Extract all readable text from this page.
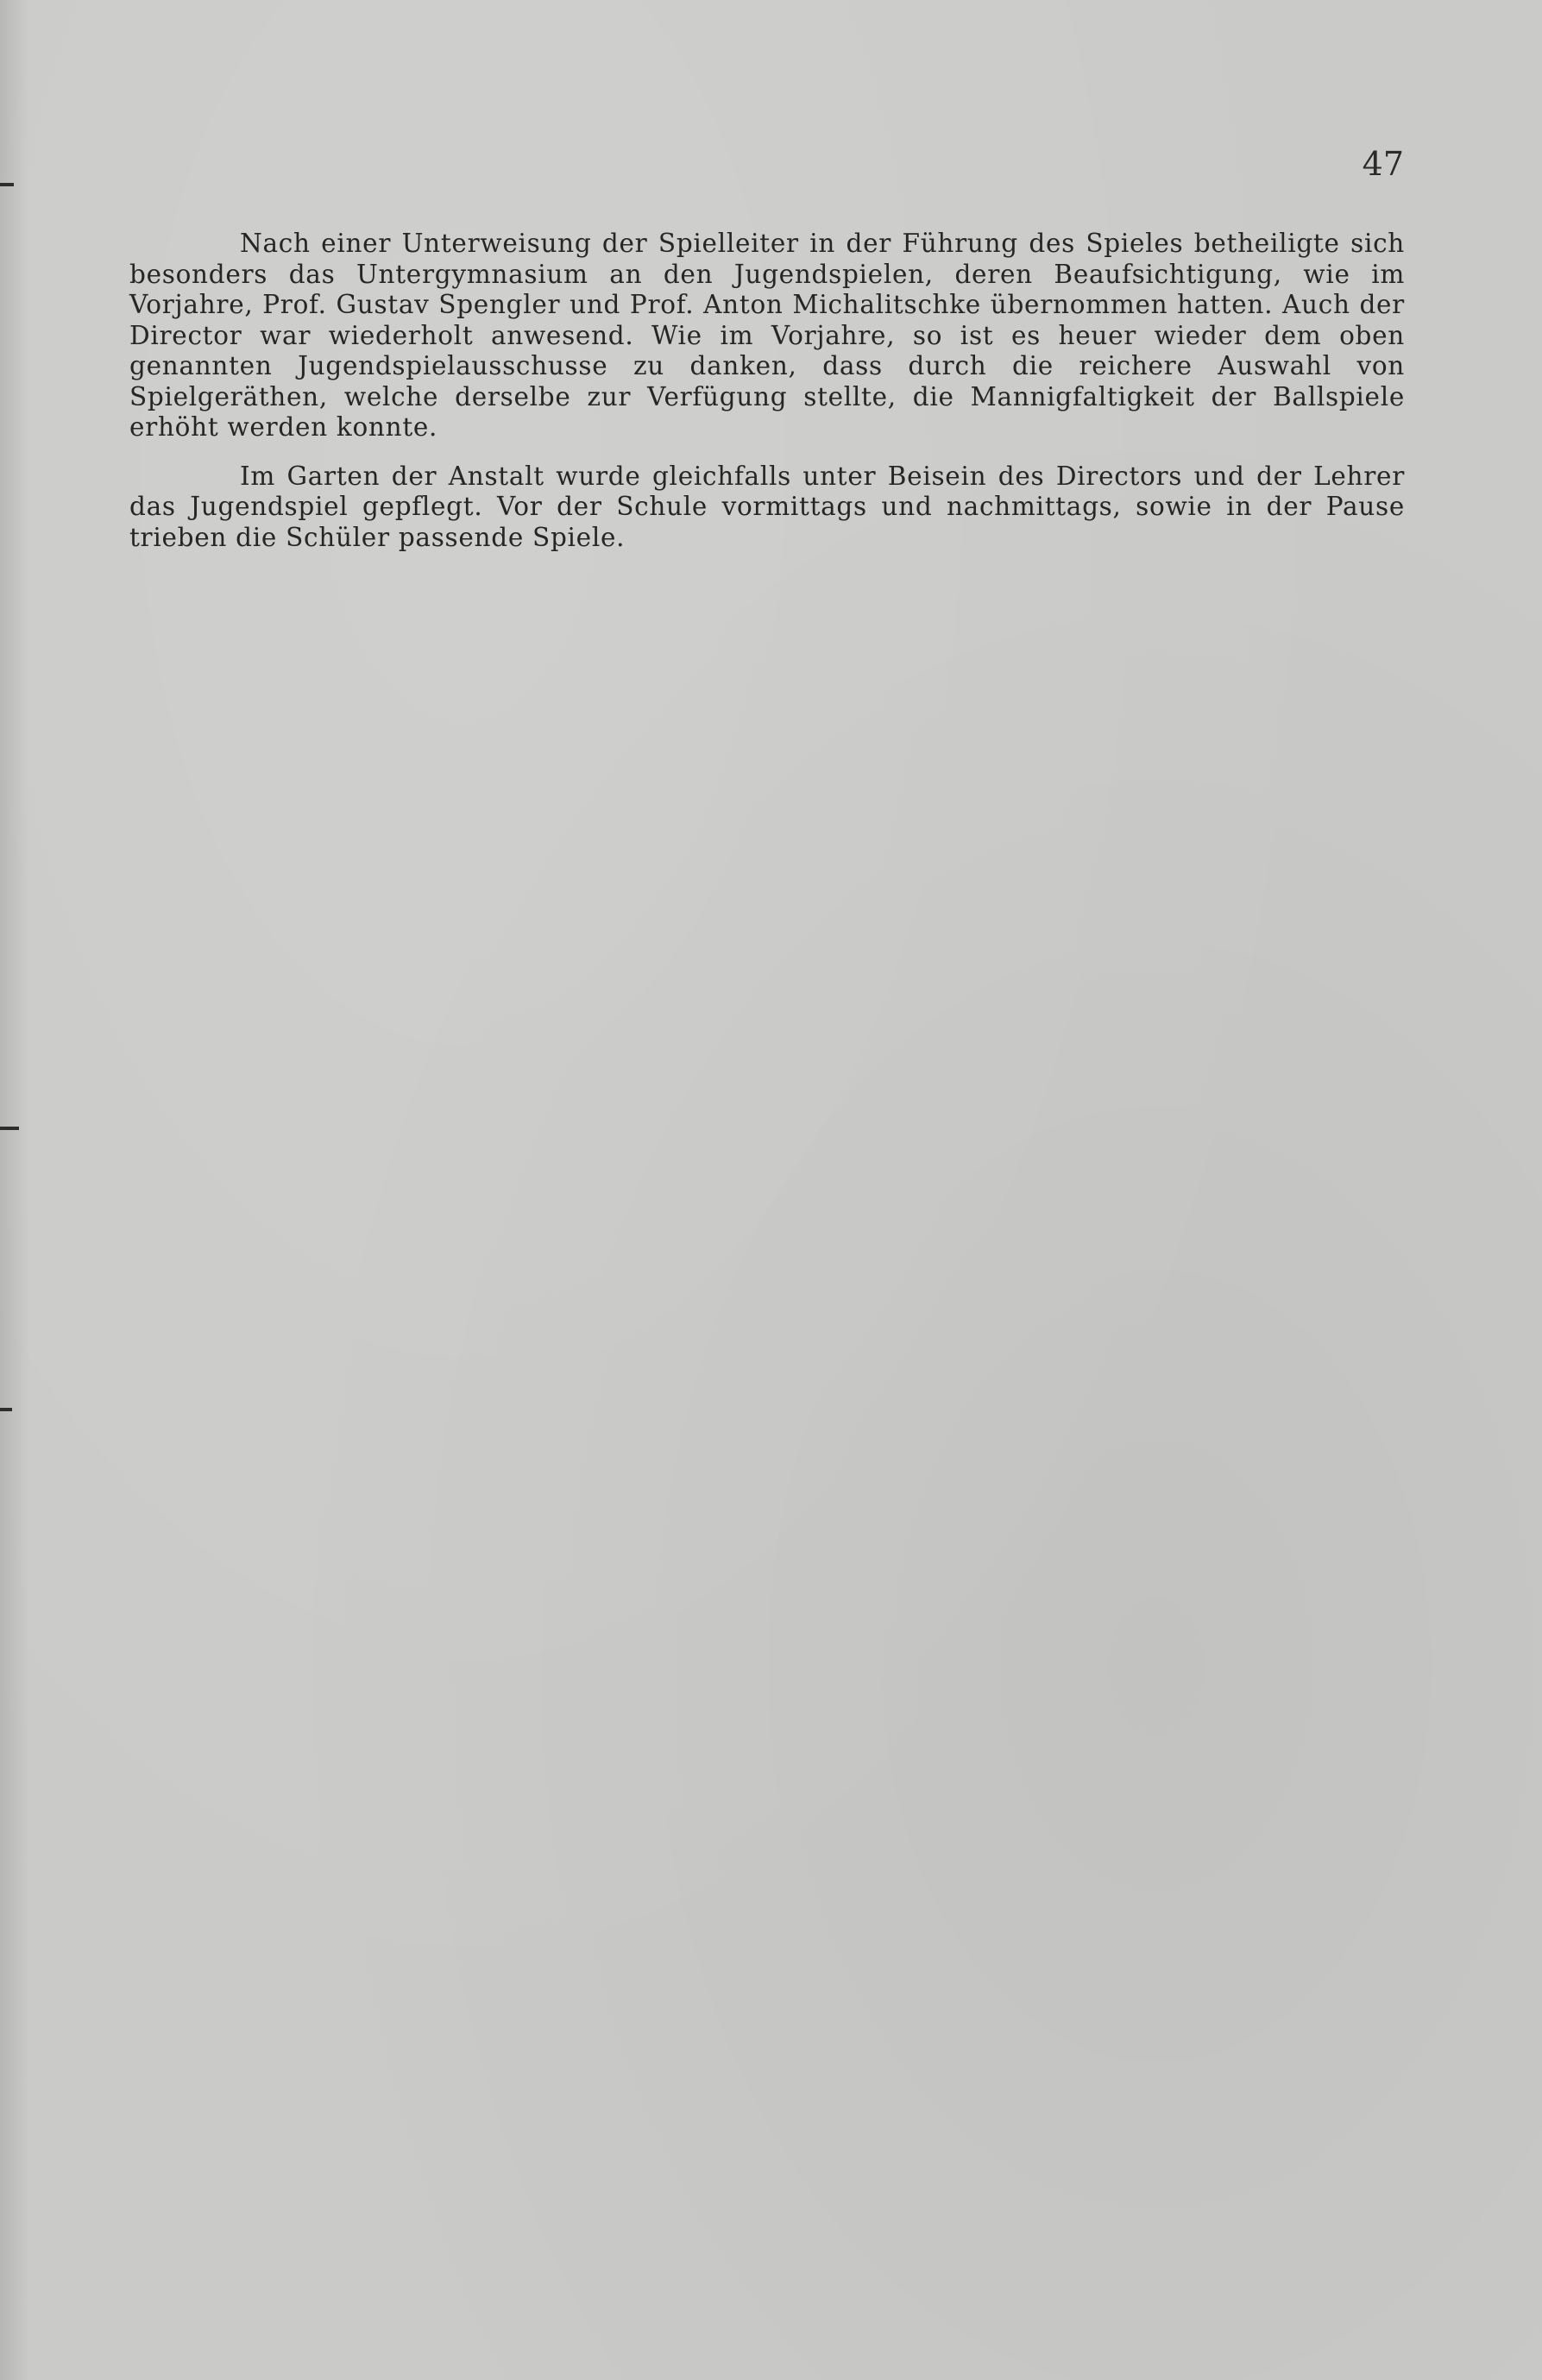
47

Nach einer Unterweisung der Spielleiter in der Führung des Spieles betheiligte sich besonders das Untergymnasium an den Jugendspielen, deren Beaufsichtigung, wie im Vorjahre, Prof. Gustav Spengler und Prof. Anton Michalitschke übernommen hatten. Auch der Director war wiederholt anwesend. Wie im Vorjahre, so ist es heuer wieder dem oben genannten Jugendspielausschusse zu danken, dass durch die reichere Auswahl von Spielgeräthen, welche derselbe zur Verfügung stellte, die Mannigfaltigkeit der Ballspiele erhöht werden konnte.

Im Garten der Anstalt wurde gleichfalls unter Beisein des Directors und der Lehrer das Jugendspiel gepflegt. Vor der Schule vormittags und nachmittags, sowie in der Pause trieben die Schüler passende Spiele.
